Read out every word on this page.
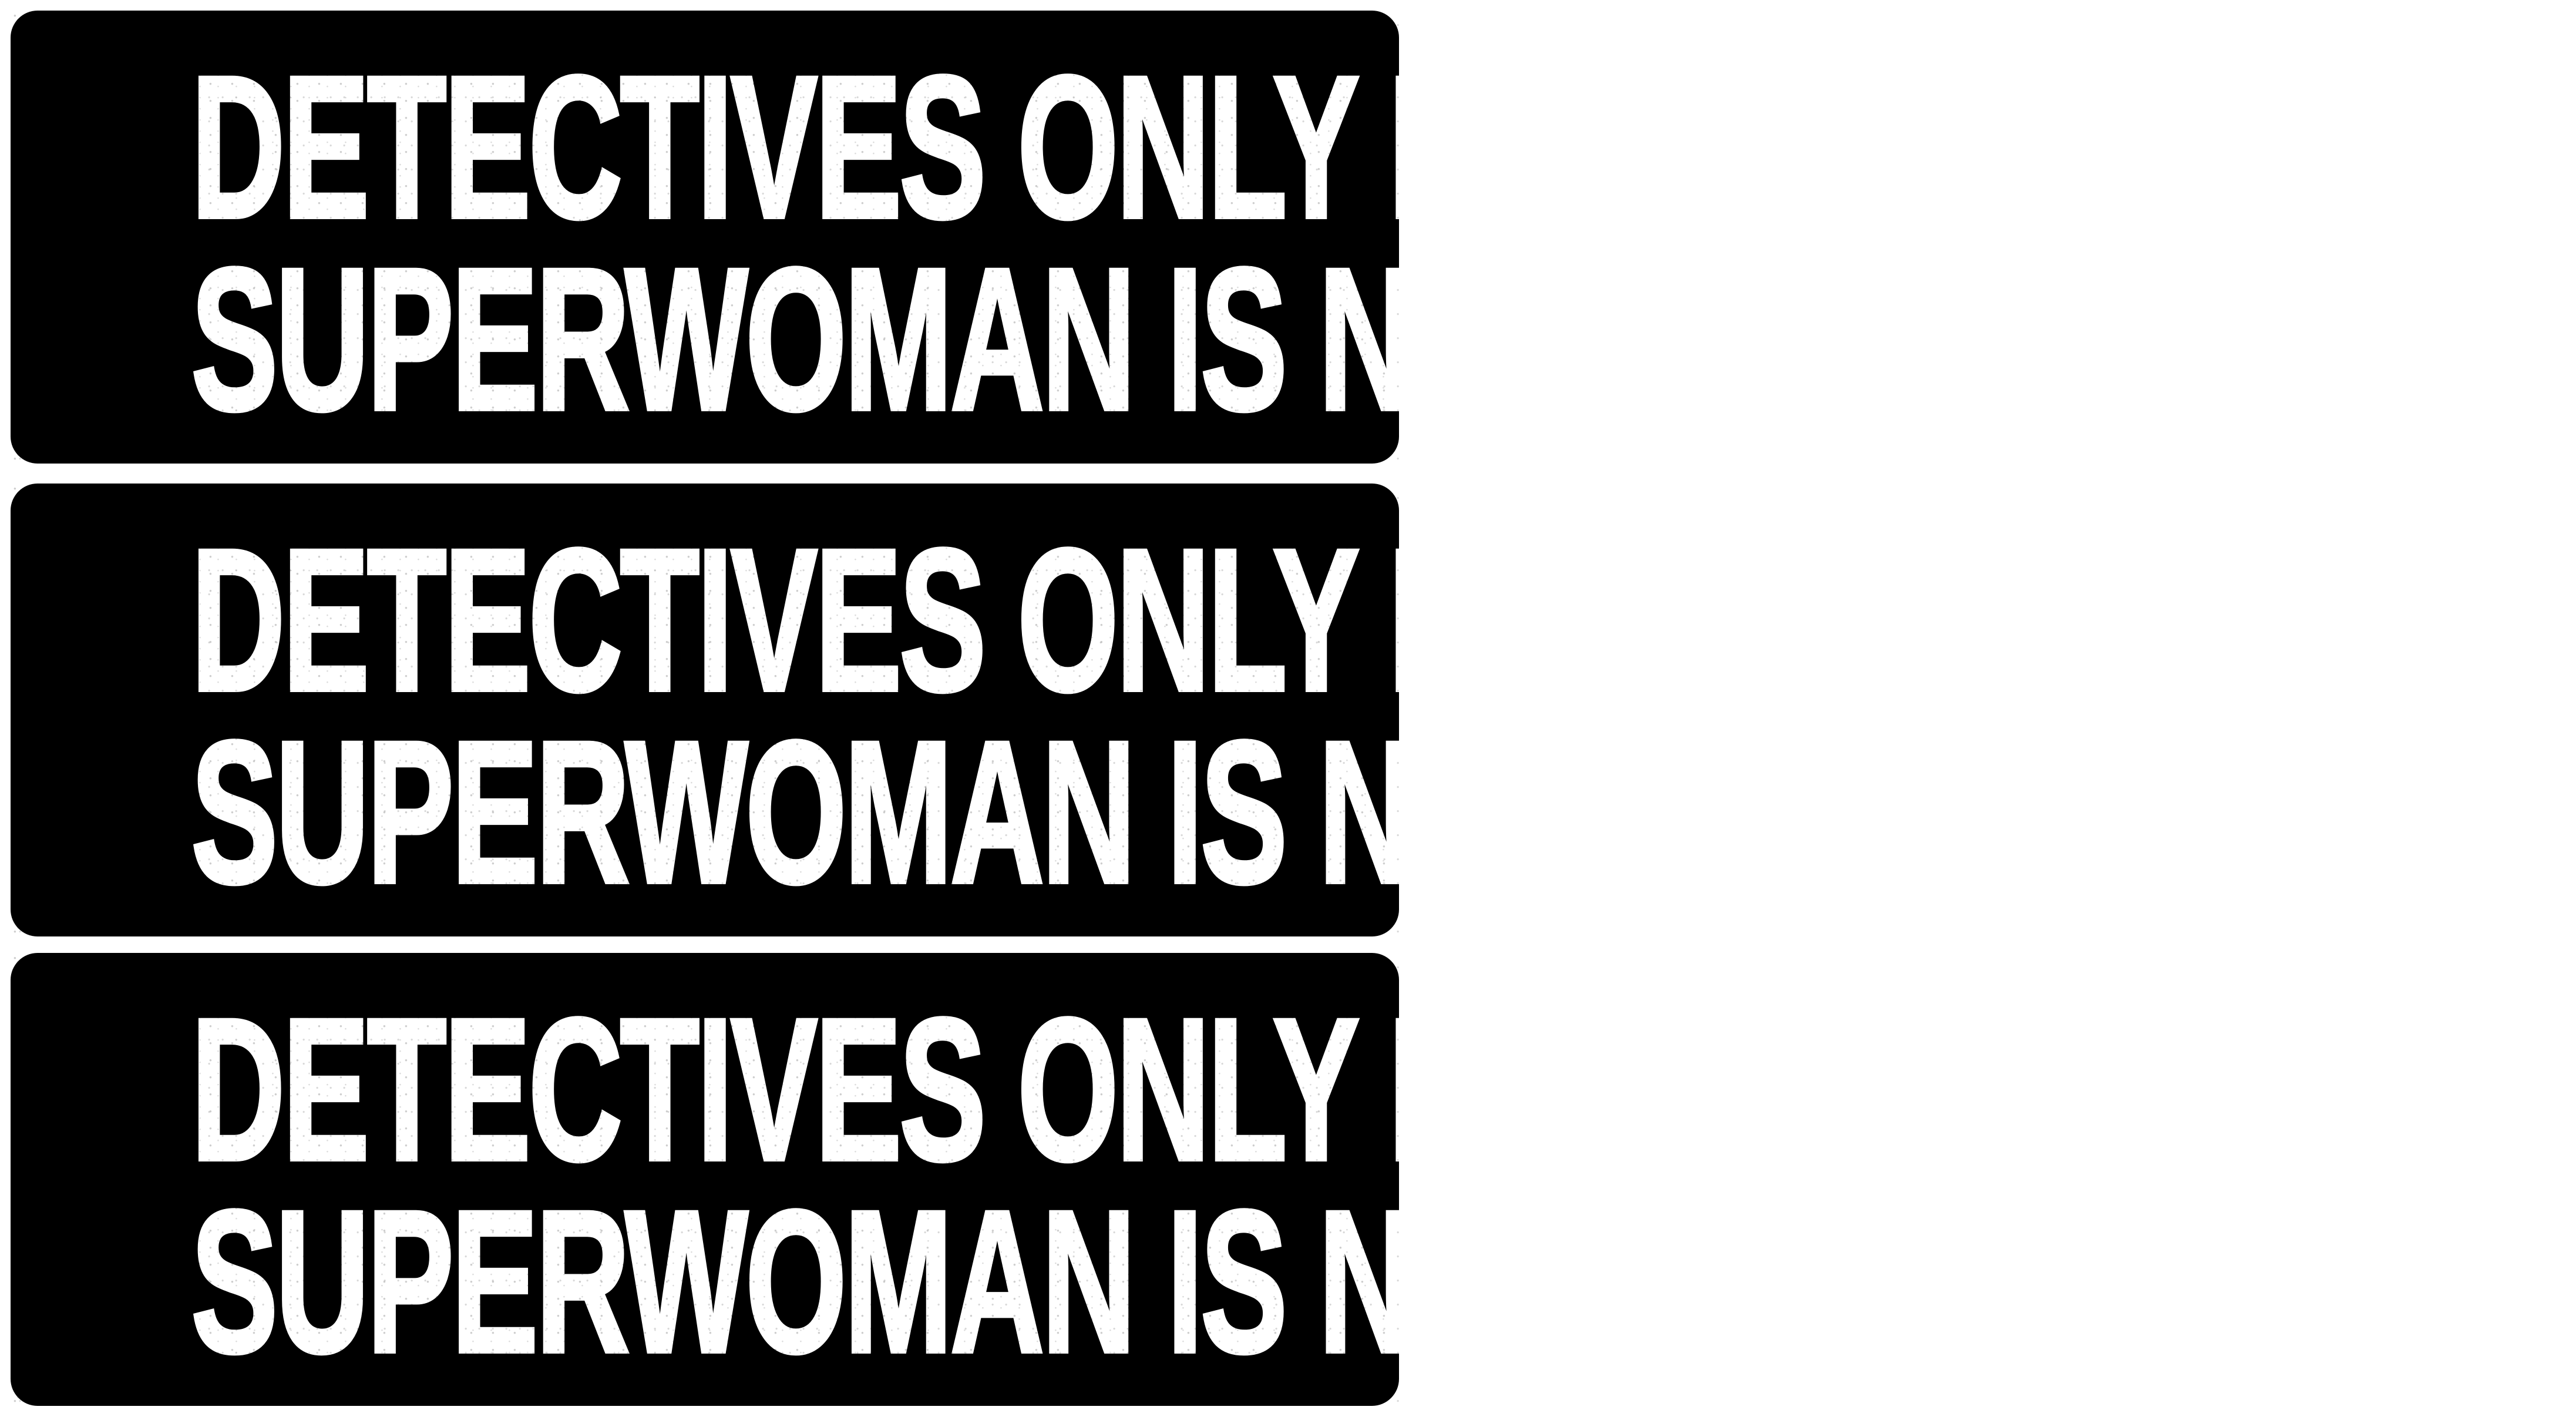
DETECTIVES ONLY BECAUSE BADASS
SUPERWOMAN IS NOT A JOB TITLE
DETECTIVES ONLY BECAUSE BADASS
SUPERWOMAN IS NOT A JOB TITLE
DETECTIVES ONLY BECAUSE BADASS
SUPERWOMAN IS NOT A JOB TITLE
